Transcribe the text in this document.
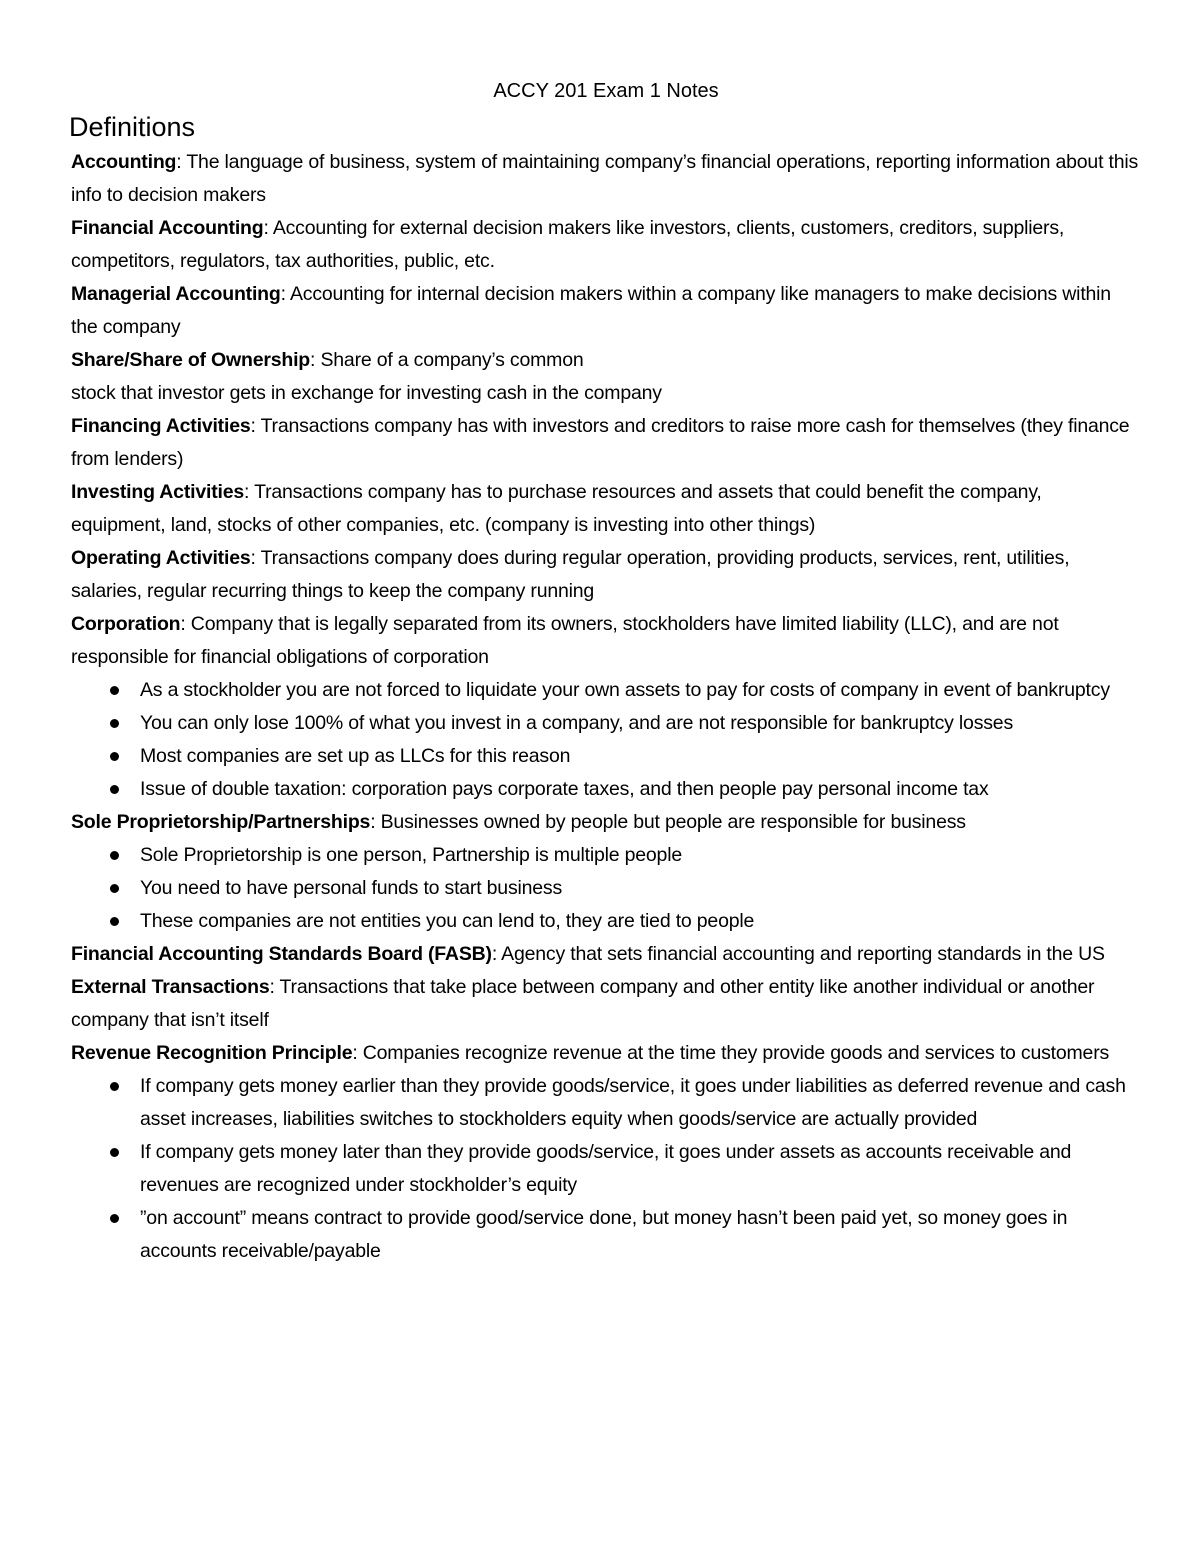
ACCY 201 Exam 1 Notes
Definitions

Accounting: The language of business, system of maintaining company’s financial operations, reporting information about this info to decision makers

Financial Accounting: Accounting for external decision makers like investors, clients, customers, creditors, suppliers, competitors, regulators, tax authorities, public, etc.

Managerial Accounting: Accounting for internal decision makers within a company like managers to make decisions within the company

Share/Share of Ownership: Share of a company’s common

stock that investor gets in exchange for investing cash in the company

Financing Activities: Transactions company has with investors and creditors to raise more cash for themselves (they finance from lenders)

Investing Activities: Transactions company has to purchase resources and assets that could benefit the company, equipment, land, stocks of other companies, etc. (company is investing into other things)

Operating Activities: Transactions company does during regular operation, providing products, services, rent, utilities, salaries, regular recurring things to keep the company running

Corporation: Company that is legally separated from its owners, stockholders have limited liability (LLC), and are not responsible for financial obligations of corporation

As a stockholder you are not forced to liquidate your own assets to pay for costs of company in event of bankruptcy
You can only lose 100% of what you invest in a company, and are not responsible for bankruptcy losses
Most companies are set up as LLCs for this reason
Issue of double taxation: corporation pays corporate taxes, and then people pay personal income tax

Sole Proprietorship/Partnerships: Businesses owned by people but people are responsible for business

Sole Proprietorship is one person, Partnership is multiple people
You need to have personal funds to start business
These companies are not entities you can lend to, they are tied to people

Financial Accounting Standards Board (FASB): Agency that sets financial accounting and reporting standards in the US

External Transactions: Transactions that take place between company and other entity like another individual or another company that isn’t itself

Revenue Recognition Principle: Companies recognize revenue at the time they provide goods and services to customers

If company gets money earlier than they provide goods/service, it goes under liabilities as deferred revenue and cash asset increases, liabilities switches to stockholders equity when goods/service are actually provided
If company gets money later than they provide goods/service, it goes under assets as accounts receivable and revenues are recognized under stockholder’s equity
”on account” means contract to provide good/service done, but money hasn’t been paid yet, so money goes in accounts receivable/payable
